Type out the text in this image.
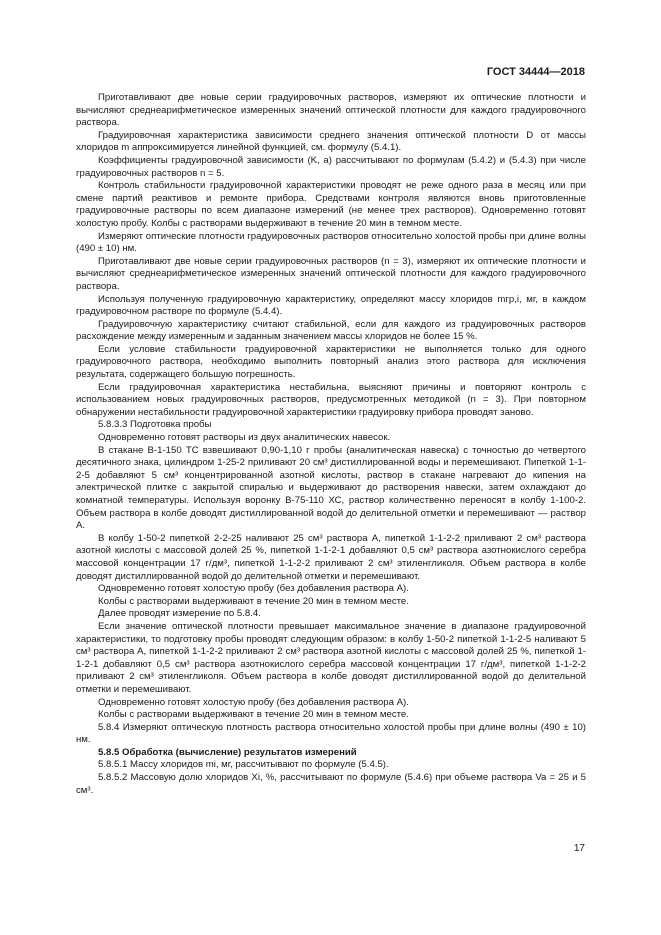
ГОСТ 34444—2018

Приготавливают две новые серии градуировочных растворов, измеряют их оптические плотности и вычисляют среднеарифметическое измеренных значений оптической плотности для каждого градуировочного раствора.

Градуировочная характеристика зависимости среднего значения оптической плотности D от массы хлоридов m аппроксимируется линейной функцией, см. формулу (5.4.1).

Коэффициенты градуировочной зависимости (K, a) рассчитывают по формулам (5.4.2) и (5.4.3) при числе градуировочных растворов n = 5.

Контроль стабильности градуировочной характеристики проводят не реже одного раза в месяц или при смене партий реактивов и ремонте прибора. Средствами контроля являются вновь приготовленные градуировочные растворы по всем диапазоне измерений (не менее трех растворов). Одновременно готовят холостую пробу. Колбы с растворами выдерживают в течение 20 мин в темном месте.

Измеряют оптические плотности градуировочных растворов относительно холостой пробы при длине волны (490 ± 10) нм.

Приготавливают две новые серии градуировочных растворов (n = 3), измеряют их оптические плотности и вычисляют среднеарифметическое измеренных значений оптической плотности для каждого градуировочного раствора.

Используя полученную градуировочную характеристику, определяют массу хлоридов mгр,i, мг, в каждом градуировочном растворе по формуле (5.4.4).

Градуировочную характеристику считают стабильной, если для каждого из градуировочных растворов расхождение между измеренным и заданным значением массы хлоридов не более 15 %.

Если условие стабильности градуировочной характеристики не выполняется только для одного градуировочного раствора, необходимо выполнить повторный анализ этого раствора для исключения результата, содержащего большую погрешность.

Если градуировочная характеристика нестабильна, выясняют причины и повторяют контроль с использованием новых градуировочных растворов, предусмотренных методикой (n = 3). При повторном обнаружении нестабильности градуировочной характеристики градуировку прибора проводят заново.

5.8.3.3 Подготовка пробы

Одновременно готовят растворы из двух аналитических навесок.

В стакане В-1-150 ТС взвешивают 0,90-1,10 г пробы (аналитическая навеска) с точностью до четвертого десятичного знака, цилиндром 1-25-2 приливают 20 см³ дистиллированной воды и перемешивают. Пипеткой 1-1-2-5 добавляют 5 см³ концентрированной азотной кислоты, раствор в стакане нагревают до кипения на электрической плитке с закрытой спиралью и выдерживают до растворения навески, затем охлаждают до комнатной температуры. Используя воронку В-75-110 ХС, раствор количественно переносят в колбу 1-100-2. Объем раствора в колбе доводят дистиллированной водой до делительной отметки и перемешивают — раствор А.

В колбу 1-50-2 пипеткой 2-2-25 наливают 25 см³ раствора А, пипеткой 1-1-2-2 приливают 2 см³ раствора азотной кислоты с массовой долей 25 %, пипеткой 1-1-2-1 добавляют 0,5 см³ раствора азотнокислого серебра массовой концентрации 17 г/дм³, пипеткой 1-1-2-2 приливают 2 см³ этиленгликоля. Объем раствора в колбе доводят дистиллированной водой до делительной отметки и перемешивают.

Одновременно готовят холостую пробу (без добавления раствора А).

Колбы с растворами выдерживают в течение 20 мин в темном месте.

Далее проводят измерение по 5.8.4.

Если значение оптической плотности превышает максимальное значение в диапазоне градуировочной характеристики, то подготовку пробы проводят следующим образом: в колбу 1-50-2 пипеткой 1-1-2-5 наливают 5 см³ раствора А, пипеткой 1-1-2-2 приливают 2 см³ раствора азотной кислоты с массовой долей 25 %, пипеткой 1-1-2-1 добавляют 0,5 см³ раствора азотнокислого серебра массовой концентрации 17 г/дм³, пипеткой 1-1-2-2 приливают 2 см³ этиленгликоля. Объем раствора в колбе доводят дистиллированной водой до делительной отметки и перемешивают.

Одновременно готовят холостую пробу (без добавления раствора А).

Колбы с растворами выдерживают в течение 20 мин в темном месте.

5.8.4 Измеряют оптическую плотность раствора относительно холостой пробы при длине волны (490 ± 10) нм.

5.8.5 Обработка (вычисление) результатов измерений

5.8.5.1 Массу хлоридов mi, мг, рассчитывают по формуле (5.4.5).

5.8.5.2 Массовую долю хлоридов Xi, %, рассчитывают по формуле (5.4.6) при объеме раствора Va = 25 и 5 см³.

17
